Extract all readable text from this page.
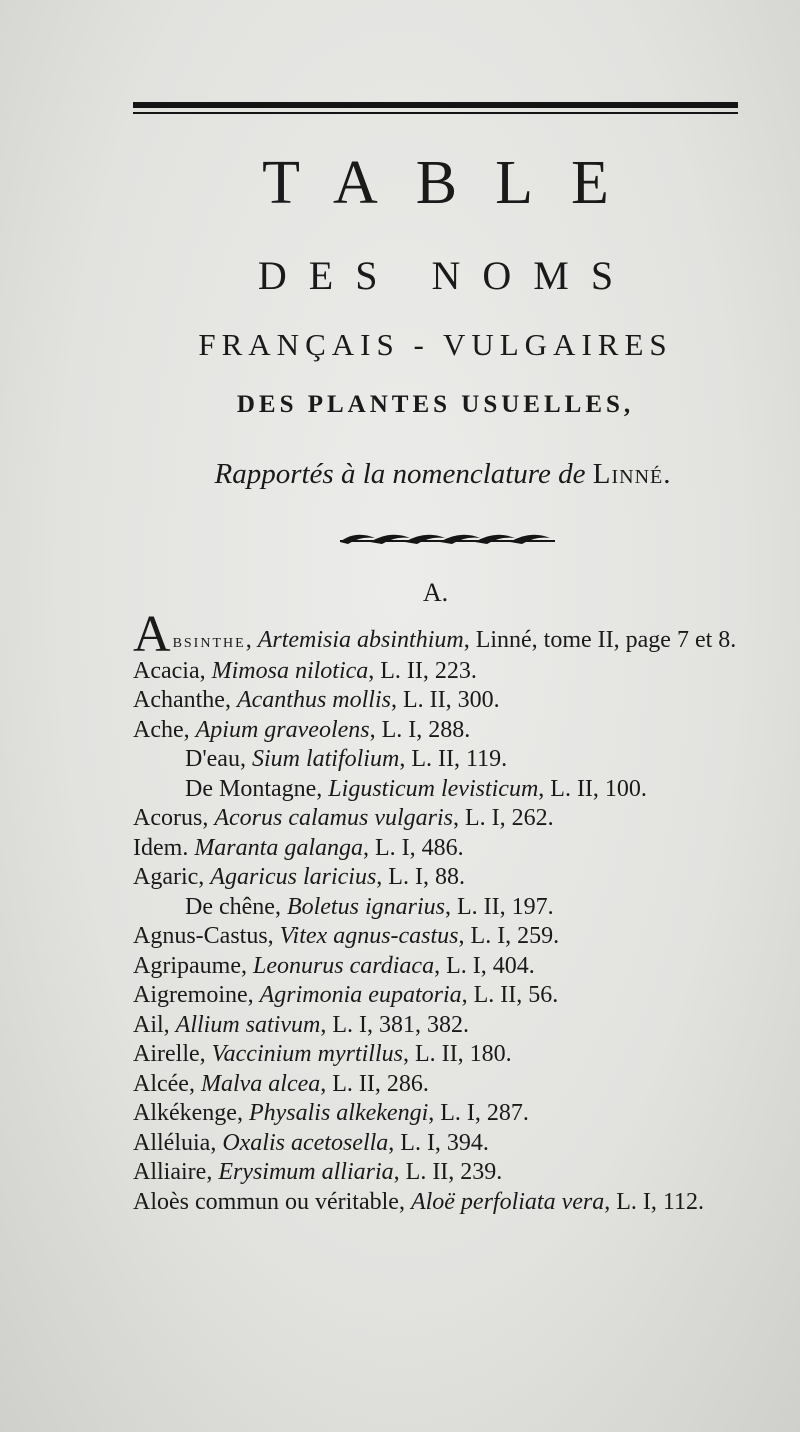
TABLE
DES NOMS
FRANÇAIS - VULGAIRES
DES PLANTES USUELLES,
Rapportés à la nomenclature de Linné.
A.
Absinthe, Artemisia absinthium, Linné, tome II, page 7 et 8.
Acacia, Mimosa nilotica, L. II, 223.
Achanthe, Acanthus mollis, L. II, 300.
Ache, Apium graveolens, L. I, 288.
D'eau, Sium latifolium, L. II, 119.
De Montagne, Ligusticum levisticum, L. II, 100.
Acorus, Acorus calamus vulgaris, L. I, 262.
Idem. Maranta galanga, L. I, 486.
Agaric, Agaricus laricius, L. I, 88.
De chêne, Boletus ignarius, L. II, 197.
Agnus-Castus, Vitex agnus-castus, L. I, 259.
Agripaume, Leonurus cardiaca, L. I, 404.
Aigremoine, Agrimonia eupatoria, L. II, 56.
Ail, Allium sativum, L. I, 381, 382.
Airelle, Vaccinium myrtillus, L. II, 180.
Alcée, Malva alcea, L. II, 286.
Alkékenge, Physalis alkekengi, L. I, 287.
Alléluia, Oxalis acetosella, L. I, 394.
Alliaire, Erysimum alliaria, L. II, 239.
Aloès commun ou véritable, Aloë perfoliata vera, L. I, 112.
